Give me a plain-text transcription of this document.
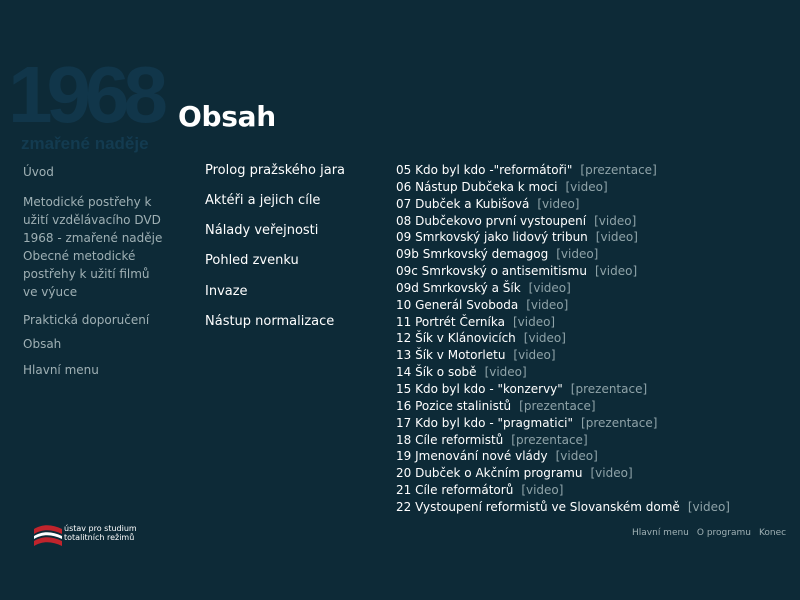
1968
zmařené naděje
Obsah
Úvod
Metodické postřehy k užití vzdělávacího DVD 1968 - zmařené naděje
Obecné metodické postřehy k užití filmů ve výuce
Praktická doporučení
Obsah
Hlavní menu
Prolog pražského jara
Aktéři a jejich cíle
Nálady veřejnosti
Pohled zvenku
Invaze
Nástup normalizace
05 Kdo byl kdo -"reformátoři" [prezentace]
06 Nástup Dubčeka k moci [video]
07 Dubček a Kubišová [video]
08 Dubčekovo první vystoupení [video]
09 Smrkovský jako lidový tribun [video]
09b Smrkovský demagog [video]
09c Smrkovský o antisemitismu [video]
09d Smrkovský a Šík [video]
10 Generál Svoboda [video]
11 Portrét Černíka [video]
12 Šík v Klánovicích [video]
13 Šík v Motorletu [video]
14 Šík o sobě [video]
15 Kdo byl kdo - "konzervy" [prezentace]
16 Pozice stalinistů [prezentace]
17 Kdo byl kdo - "pragmatici" [prezentace]
18 Cíle reformistů [prezentace]
19 Jmenování nové vlády [video]
20 Dubček o Akčním programu [video]
21 Cíle reformátorů [video]
22 Vystoupení reformistů ve Slovanském domě [video]
ústav pro studium
totalitních režimů	Hlavní menu O programu Konec
